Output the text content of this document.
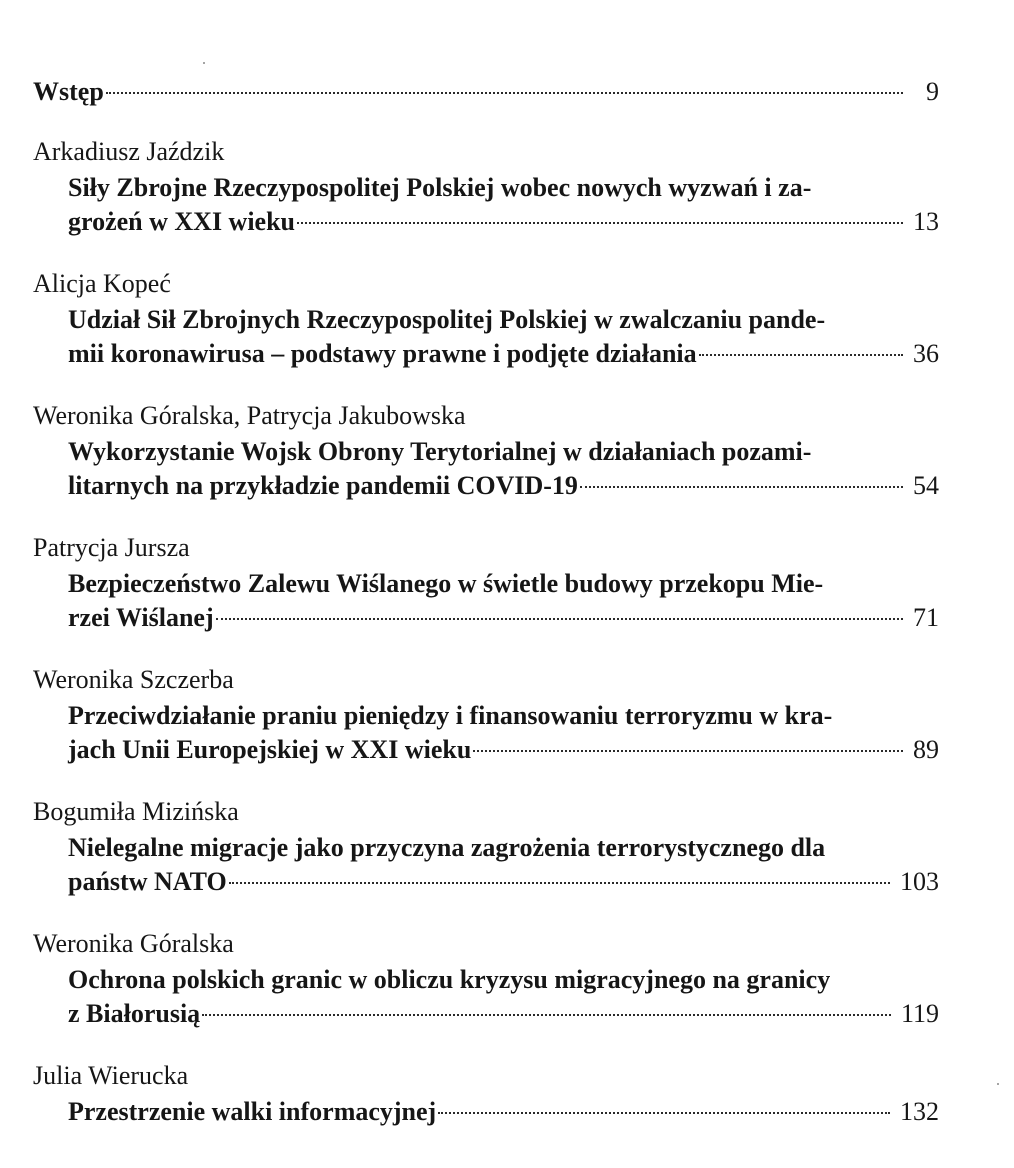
Wstęp	9
Arkadiusz Jaździk
Siły Zbrojne Rzeczypospolitej Polskiej wobec nowych wyzwań i za-
grożeń w XXI wieku	13
Alicja Kopeć
Udział Sił Zbrojnych Rzeczypospolitej Polskiej w zwalczaniu pande-
mii koronawirusa – podstawy prawne i podjęte działania	36
Weronika Góralska, Patrycja Jakubowska
Wykorzystanie Wojsk Obrony Terytorialnej w działaniach pozami-
litarnych na przykładzie pandemii COVID-19	54
Patrycja Jursza
Bezpieczeństwo Zalewu Wiślanego w świetle budowy przekopu Mie-
rzei Wiślanej	71
Weronika Szczerba
Przeciwdziałanie praniu pieniędzy i finansowaniu terroryzmu w kra-
jach Unii Europejskiej w XXI wieku	89
Bogumiła Mizińska
Nielegalne migracje jako przyczyna zagrożenia terrorystycznego dla
państw NATO	103
Weronika Góralska
Ochrona polskich granic w obliczu kryzysu migracyjnego na granicy
z Białorusią	119
Julia Wierucka
Przestrzenie walki informacyjnej	132
